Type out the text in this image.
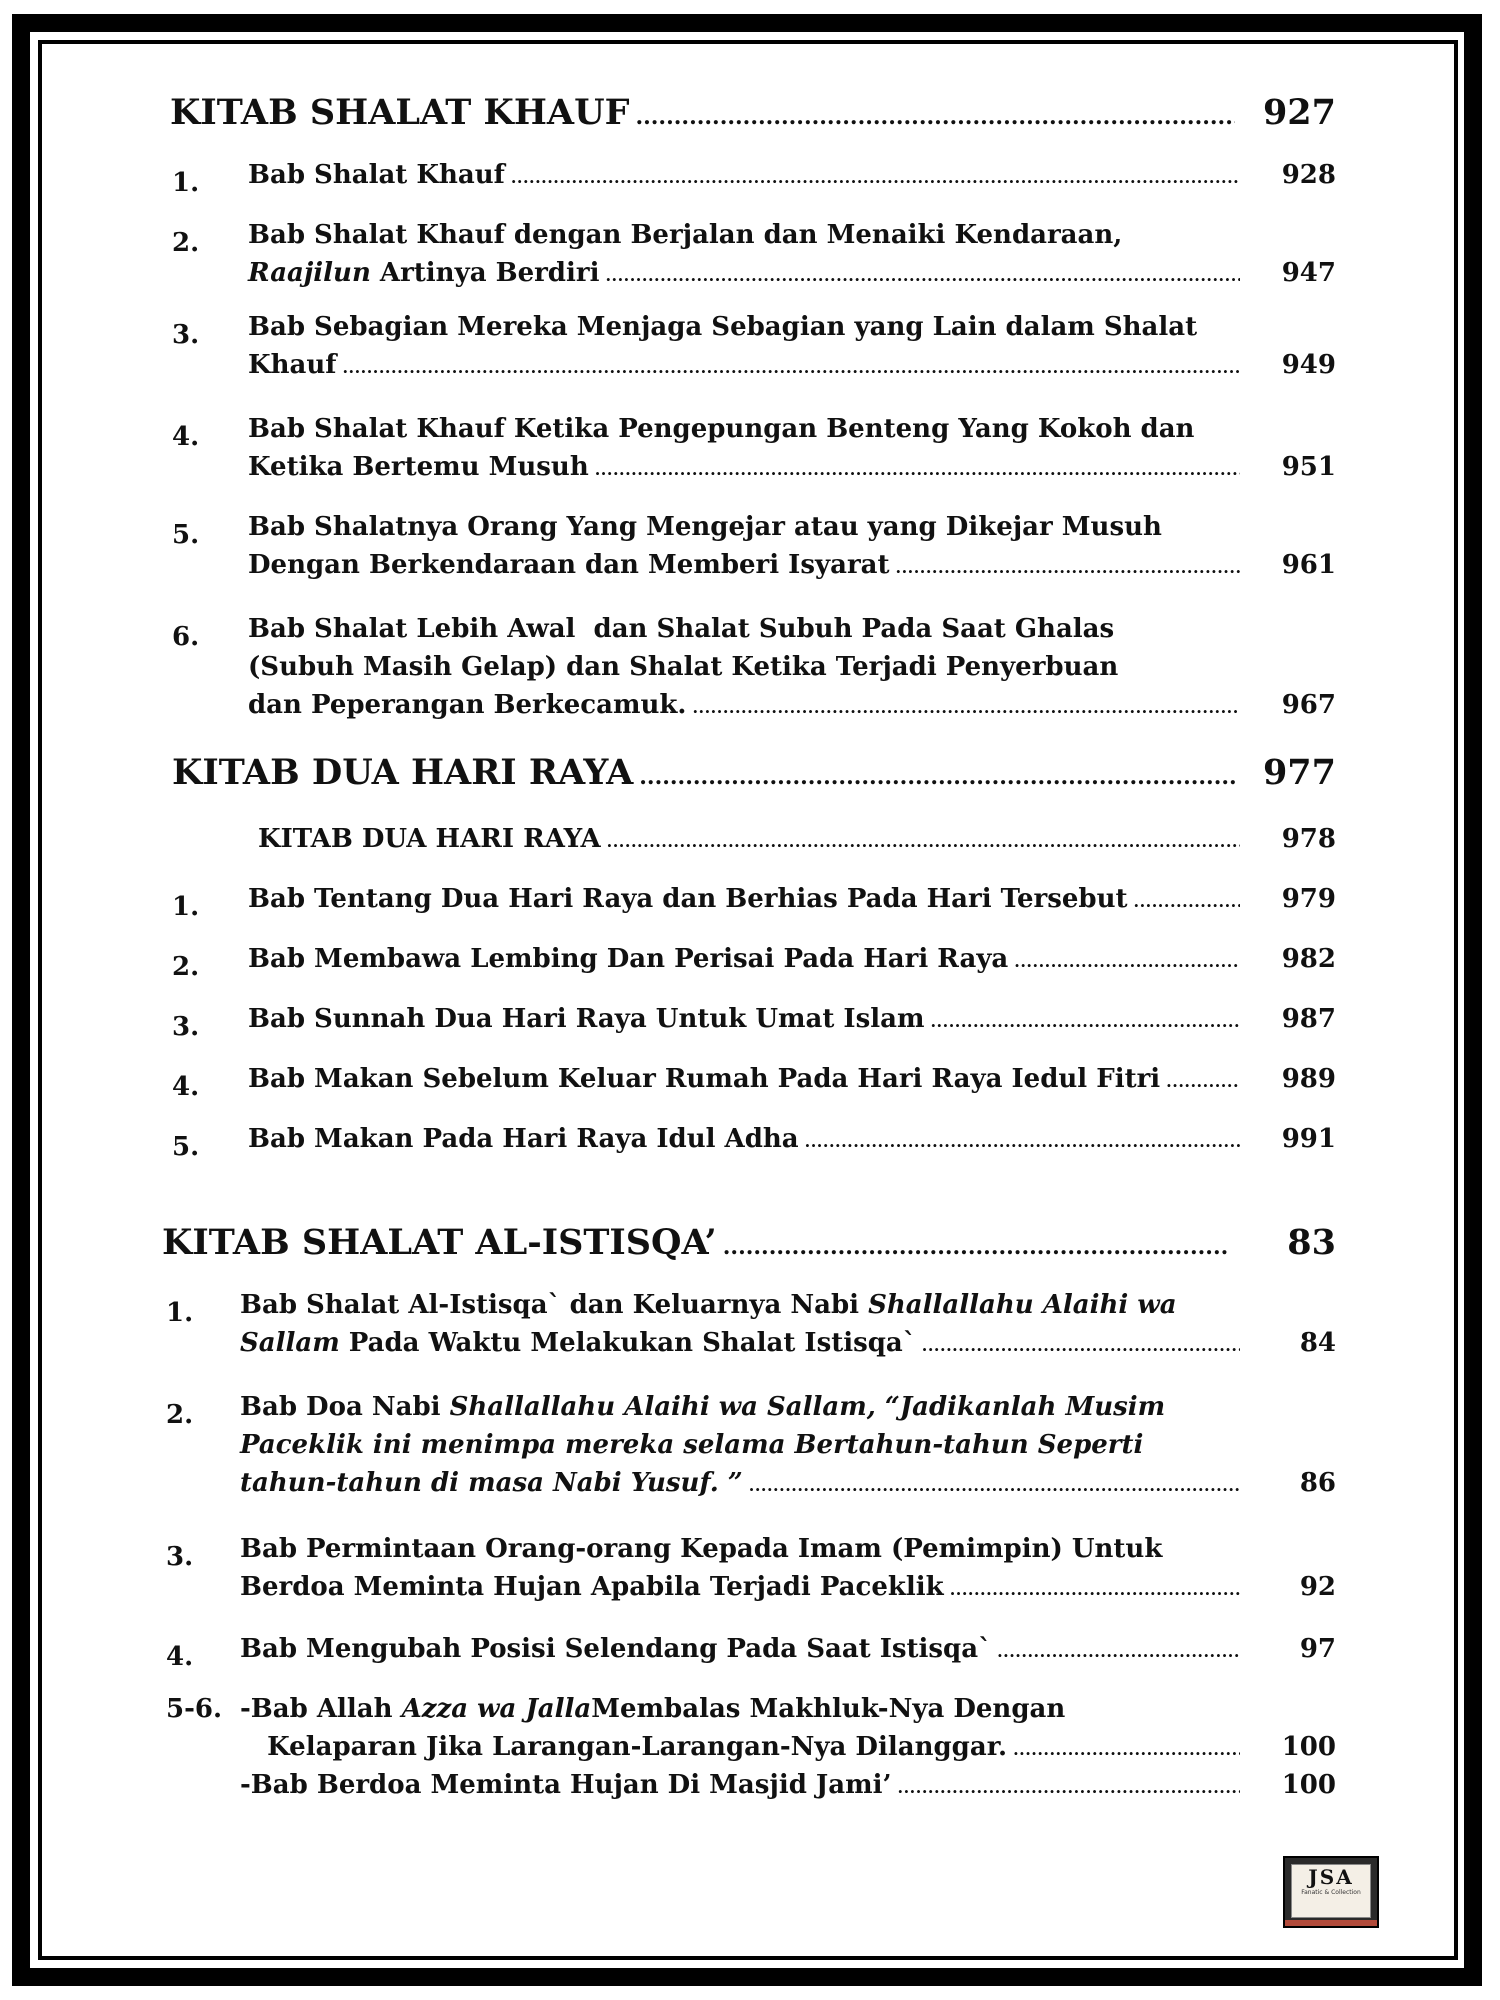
KITAB SHALAT KHAUF .....	927
1. Bab Shalat Khauf .....	928
2. Bab Shalat Khauf dengan Berjalan dan Menaiki Kendaraan,
Raajilun Artinya Berdiri .....	947
3. Bab Sebagian Mereka Menjaga Sebagian yang Lain dalam Shalat
Khauf .....	949
4. Bab Shalat Khauf Ketika Pengepungan Benteng Yang Kokoh dan
Ketika Bertemu Musuh .....	951
5. Bab Shalatnya Orang Yang Mengejar atau yang Dikejar Musuh
Dengan Berkendaraan dan Memberi Isyarat .....	961
6. Bab Shalat Lebih Awal  dan Shalat Subuh Pada Saat Ghalas
(Subuh Masih Gelap) dan Shalat Ketika Terjadi Penyerbuan
dan Peperangan Berkecamuk. .....	967
KITAB DUA HARI RAYA .....	977
KITAB DUA HARI RAYA .....	978
1. Bab Tentang Dua Hari Raya dan Berhias Pada Hari Tersebut .....	979
2. Bab Membawa Lembing Dan Perisai Pada Hari Raya .....	982
3. Bab Sunnah Dua Hari Raya Untuk Umat Islam .....	987
4. Bab Makan Sebelum Keluar Rumah Pada Hari Raya Iedul Fitri .....	989
5. Bab Makan Pada Hari Raya Idul Adha .....	991
KITAB SHALAT AL-ISTISQA’ .....	83
1. Bab Shalat Al-Istisqa` dan Keluarnya Nabi Shallallahu Alaihi wa
Sallam Pada Waktu Melakukan Shalat Istisqa` .....	84
2. Bab Doa Nabi Shallallahu Alaihi wa Sallam, “Jadikanlah Musim
Paceklik ini menimpa mereka selama Bertahun-tahun Seperti
tahun-tahun di masa Nabi Yusuf. ” .....	86
3. Bab Permintaan Orang-orang Kepada Imam (Pemimpin) Untuk
Berdoa Meminta Hujan Apabila Terjadi Paceklik .....	92
4. Bab Mengubah Posisi Selendang Pada Saat Istisqa` .....	97
5-6. -Bab Allah Azza wa Jalla Membalas Makhluk-Nya Dengan
Kelaparan Jika Larangan-Larangan-Nya Dilanggar. .....	100
-Bab Berdoa Meminta Hujan Di Masjid Jami’ .....	100
JSA
Fanatic & Collection
